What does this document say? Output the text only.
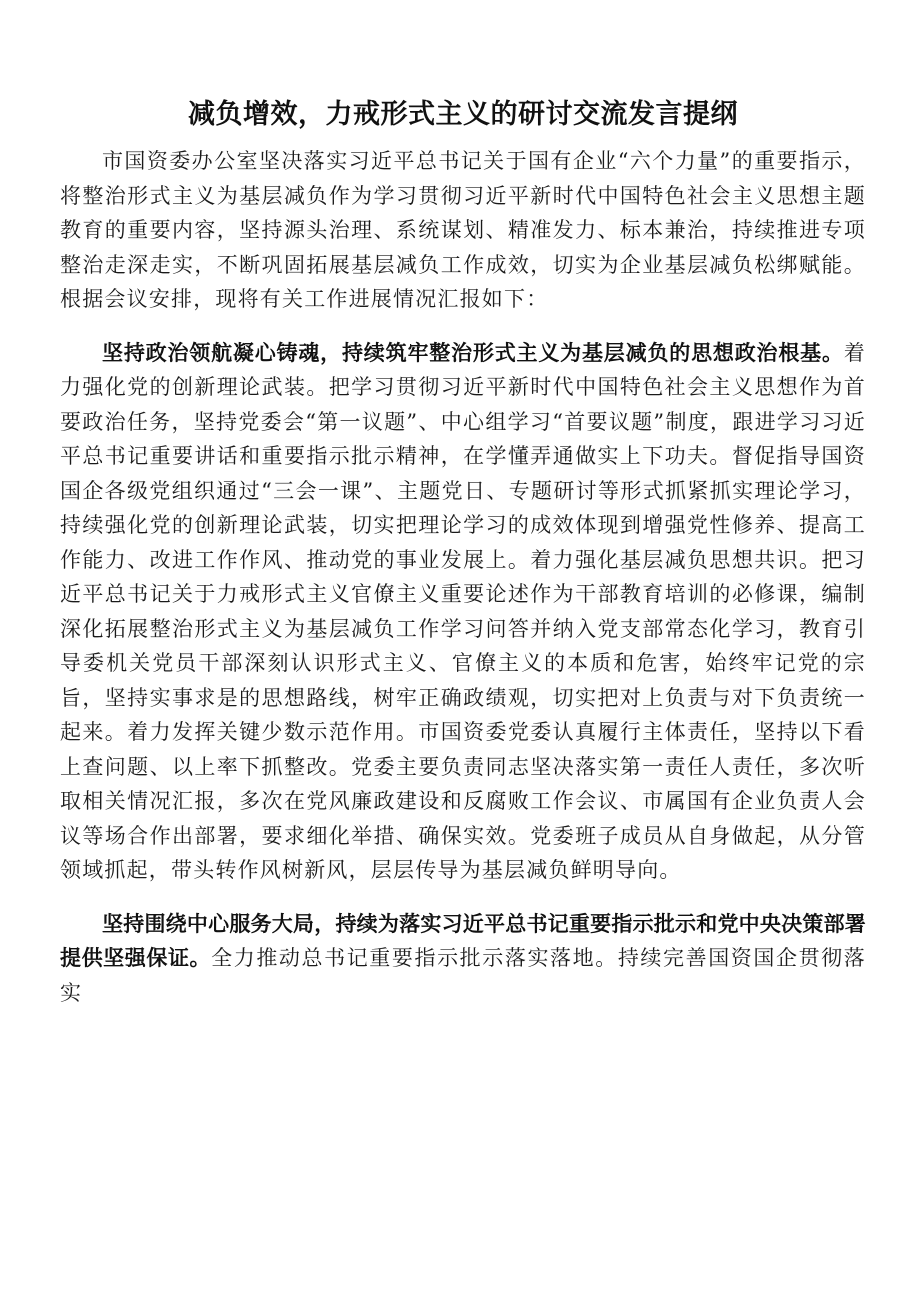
减负增效，力戒形式主义的研讨交流发言提纲

市国资委办公室坚决落实习近平总书记关于国有企业“六个力量”的重要指示，将整治形式主义为基层减负作为学习贯彻习近平新时代中国特色社会主义思想主题教育的重要内容，坚持源头治理、系统谋划、精准发力、标本兼治，持续推进专项整治走深走实，不断巩固拓展基层减负工作成效，切实为企业基层减负松绑赋能。根据会议安排，现将有关工作进展情况汇报如下：

坚持政治领航凝心铸魂，持续筑牢整治形式主义为基层减负的思想政治根基。着力强化党的创新理论武装。把学习贯彻习近平新时代中国特色社会主义思想作为首要政治任务，坚持党委会“第一议题”、中心组学习“首要议题”制度，跟进学习习近平总书记重要讲话和重要指示批示精神，在学懂弄通做实上下功夫。督促指导国资国企各级党组织通过“三会一课”、主题党日、专题研讨等形式抓紧抓实理论学习，持续强化党的创新理论武装，切实把理论学习的成效体现到增强党性修养、提高工作能力、改进工作作风、推动党的事业发展上。着力强化基层减负思想共识。把习近平总书记关于力戒形式主义官僚主义重要论述作为干部教育培训的必修课，编制深化拓展整治形式主义为基层减负工作学习问答并纳入党支部常态化学习，教育引导委机关党员干部深刻认识形式主义、官僚主义的本质和危害，始终牢记党的宗旨，坚持实事求是的思想路线，树牢正确政绩观，切实把对上负责与对下负责统一起来。着力发挥关键少数示范作用。市国资委党委认真履行主体责任，坚持以下看上查问题、以上率下抓整改。党委主要负责同志坚决落实第一责任人责任，多次听取相关情况汇报，多次在党风廉政建设和反腐败工作会议、市属国有企业负责人会议等场合作出部署，要求细化举措、确保实效。党委班子成员从自身做起，从分管领域抓起，带头转作风树新风，层层传导为基层减负鲜明导向。

坚持围绕中心服务大局，持续为落实习近平总书记重要指示批示和党中央决策部署提供坚强保证。全力推动总书记重要指示批示落实落地。持续完善国资国企贯彻落实
